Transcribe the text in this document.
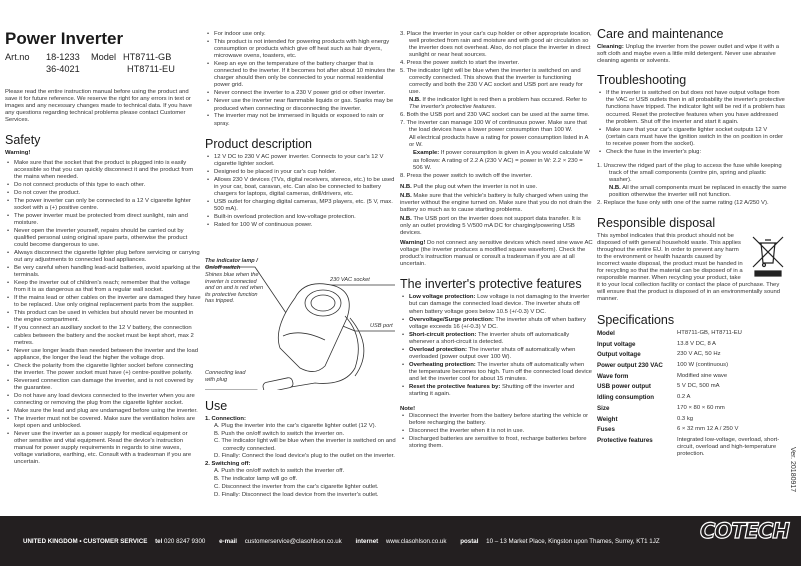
Power Inverter
Art.no 18-1233 Model HT8711-GB
36-4021	HT8711-EU

Please read the entire instruction manual before using the product and save it for future reference. We reserve the right for any errors in text or images and any necessary changes made to technical data. If you have any questions regarding technical problems please contact Customer Services.

Safety
Warning!
• Make sure that the socket that the product is plugged into is easily accessible so that you can quickly disconnect it and the product from the mains when needed.
• Do not connect products of this type to each other.
• Do not cover the product.
• The power inverter can only be connected to a 12 V cigarette lighter socket with a (+) positive centre.
• The power inverter must be protected from direct sunlight, rain and moisture.
• Never open the inverter yourself, repairs should be carried out by qualified personal using original spare parts, otherwise the product could become dangerous to use.
• Always disconnect the cigarette lighter plug before servicing or carrying out any adjustments to connected load appliances.
• Be very careful when handling lead-acid batteries, avoid sparking at the terminals.
• Keep the inverter out of children's reach; remember that the voltage from it is as dangerous as that from a regular wall socket.
• If the mains lead or other cables on the inverter are damaged they have to be replaced. Use only original replacement parts from the supplier.
• This product can be used in vehicles but should never be mounted in the engine compartment.
• If you connect an auxiliary socket to the 12 V battery, the connection cables between the battery and the socket must be kept short, max 2 metres.
• Never use longer leads than needed between the inverter and the load appliance, the longer the lead the higher the voltage drop.
• Check the polarity from the cigarette lighter socket before connecting the inverter. The power socket must have (+) centre-positive polarity.
• Reversed connection can damage the inverter, and is not covered by the guarantee.
• Do not have any load devices connected to the inverter when you are connecting or removing the plug from the cigarette lighter socket.
• Make sure the lead and plug are undamaged before using the inverter.
• The inverter must not be covered. Make sure the ventilation holes are kept open and unblocked.
• Never use the inverter as a power supply for medical equipment or other sensitive and vital equipment. Read the device's instruction manual for power supply requirements in regards to sine waves, voltage variations, earthing, etc. Consult with a tradesman if you are uncertain.
• For indoor use only.
• This product is not intended for powering products with high energy consumption or products which give off heat such as hair dryers, microwave ovens, toasters, etc.
• Keep an eye on the temperature of the battery charger that is connected to the inverter. If it becomes hot after about 10 minutes the charger should then only be connected to your normal residential power grid.
• Never connect the inverter to a 230 V power grid or other inverter.
• Never use the inverter near flammable liquids or gas. Sparks may be produced when connecting or disconnecting the inverter.
• The inverter may not be immersed in liquids or exposed to rain or spray.
Product description
• 12 V DC to 230 V AC power inverter. Connects to your car's 12 V cigarette lighter socket.
• Designed to be placed in your car's cup holder.
• Allows 230 V devices (TVs, digital receivers, stereos, etc.) to be used in your car, boat, caravan, etc. Can also be connected to battery chargers for laptops, digital cameras, drill/drivers, etc.
• USB outlet for charging digital cameras, MP3 players, etc. (5 V, max. 500 mA).
• Built-in overload protection and low-voltage protection.
• Rated for 100 W of continuous power.
The indicator lamp / On/off switch
Shines blue when the inverter is connected and on and is red when its protective function has tripped.
230 VAC socket
USB port
Connecting lead with plug
Use
1. Connection:
A. Plug the inverter into the car's cigarette lighter outlet (12 V).
B. Push the on/off switch to switch the inverter on.
C. The indicator light will be blue when the inverter is switched on and correctly connected.
D. Finally: Connect the load device's plug to the outlet on the inverter.
2. Switching off:
A. Push the on/off switch to switch the inverter off.
B. The indicator lamp will go off.
C. Disconnect the inverter from the car's cigarette lighter outlet.
D. Finally: Disconnect the load device from the inverter's outlet.
3. Place the inverter in your car's cup holder or other appropriate location, well protected from rain and moisture and with good air circulation so the inverter does not overheat. Also, do not place the inverter in direct sunlight or near heat sources.
4. Press the power switch to start the inverter.
5. The indicator light will be blue when the inverter is switched on and correctly connected. This shows that the inverter is functioning correctly and both the 230 V AC socket and USB port are ready for use.

N.B. If the indicator light is red then a problem has occured. Refer to The inverter's protective features.

6. Both the USB port and 230 VAC socket can be used at the same time.
7. The inverter can manage 100 W of continuous power. Make sure that the load devices have a lower power consumption than 100 W.

All electrical products have a rating for power consumption listed in A or W.

Example: If power consumption is given in A you would calculate W as follows: A rating of 2.2 A (230 V AC) = power in W: 2.2 × 230 = 506 W.

8. Press the power switch to switch off the inverter.

N.B. Pull the plug out when the inverter is not in use.

N.B. Make sure that the vehicle's battery is fully charged when using the inverter without the engine turned on. Make sure that you do not drain the battery so much as to cause starting problems.

N.B. The USB port on the inverter does not support data transfer. It is only an outlet providing 5 V/500 mA DC for charging/powering USB devices.

Warning! Do not connect any sensitive devices which need sine wave AC voltage (the inverter produces a modified square waveform). Check the product's instruction manual or consult a tradesman if you are at all uncertain.

The inverter's protective features
• Low voltage protection: Low voltage is not damaging to the inverter but can damage the connected load device. The inverter shuts off when battery voltage goes below 10.5 (+/-0.3) V DC.
• Overvoltage/Surge protection: The inverter shuts off when battery voltage exceeds 16 (+/-0.3) V DC.
• Short-circuit protection: The inverter shuts off automatically whenever a short-circuit is detected.
• Overload protection: The inverter shuts off automatically when overloaded (power output over 100 W).
• Overheating protection: The inverter shuts off automatically when the temperature becomes too high. Turn off the connected load device and let the inverter cool for about 15 minutes.
• Reset the protective features by: Shutting off the inverter and starting it again.
Note!
• Disconnect the inverter from the battery before starting the vehicle or before recharging the battery.
• Disconnect the inverter when it is not in use.
• Discharged batteries are sensitive to frost, recharge batteries before storing them.
Care and maintenance

Cleaning: Unplug the inverter from the power outlet and wipe it with a soft cloth and maybe even a little mild detergent. Never use abrasive cleaning agents or solvents.

Troubleshooting
• If the inverter is switched on but does not have output voltage from the VAC or USB outlets then in all probability the inverter's protective functions have tripped. The indicator light will be red if a problem has occurred. Reset the protective features when you have addressed the problem. Shut off the inverter and start it again.
• Make sure that your car's cigarette lighter socket outputs 12 V (certain cars must have the ignition switch in the on position in order to receive power from the socket).
• Check the fuse in the inverter's plug:

1. Unscrew the ridged part of the plug to access the fuse while keeping track of the small components (centre pin, spring and plastic washer).

N.B. All the small components must be replaced in exactly the same position otherwise the inverter will not function.

2. Replace the fuse only with one of the same rating (12 A/250 V).

Responsible disposal

This symbol indicates that this product should not be disposed of with general household waste. This applies throughout the entire EU. In order to prevent any harm to the environment or health hazards caused by incorrect waste disposal, the product must be handed in for recycling so that the material can be disposed of in a responsible manner. When recycling your product, take it to your local collection facility or contact the place of purchase. They will ensure that the product is disposed of in an environmentally sound manner.

Specifications
Model	HT8711-GB, HT8711-EU
Input voltage	13.8 V DC, 8 A
Output voltage	230 V AC, 50 Hz
Power output 230 VAC	100 W (continuous)
Wave form	Modified sine wave
USB power output	5 V DC, 500 mA
Idling consumption	0.2 A
Size	170 × 80 × 60 mm
Weight	0.3 kg
Fuses	6 × 32 mm 12 A / 250 V
Protective features	Integrated low-voltage, overload, short-circuit, overload and high-temperature protection.	Ver. 20180917
UNITED KINGDOM • CUSTOMER SERVICE tel 020 8247 9300 e-mail customerservice@clasohlson.co.uk internet www.clasohlson.co.uk postal 10 – 13 Market Place, Kingston upon Thames, Surrey, KT1 1JZ	COTECH
